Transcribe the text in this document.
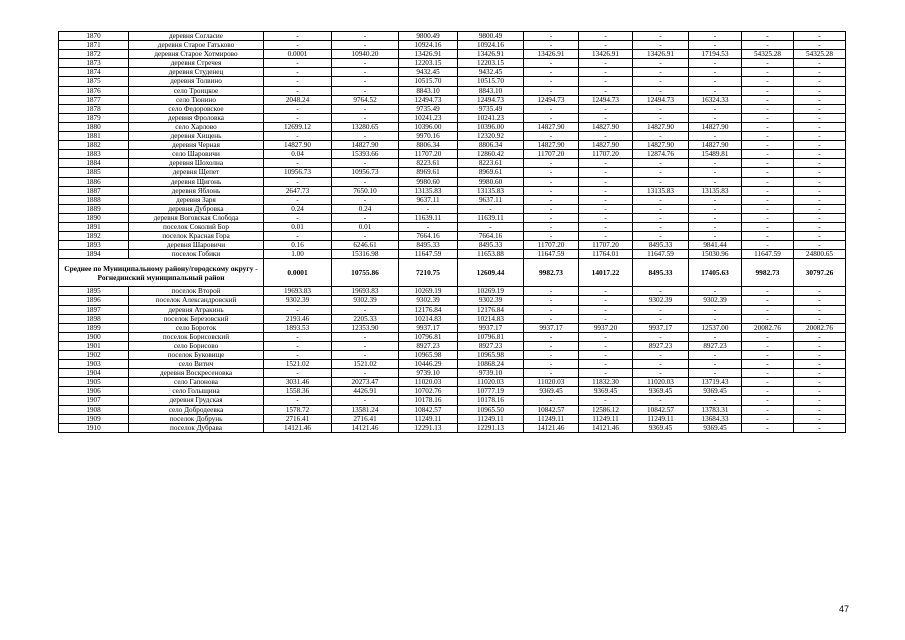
1870	деревня Согласие	-	-	9800.49	9800.49	-	-	-	-	-	-
1871	деревня Старое Гатьково	-	-	10924.16	10924.16	-	-	-	-	-	-
1872	деревня Старое Хотмирово	0.0001	10940.20	13426.91	13426.91	13426.91	13426.91	13426.91	17194.53	54325.28	54325.28
1873	деревня Стречея	-	-	12203.15	12203.15	-	-	-	-	-	-
1874	деревня Студенец	-	-	9432.45	9432.45	-	-	-	-	-	-
1875	деревня Толвино	-	-	10515.70	10515.70	-	-	-	-	-	-
1876	село Троицкое	-	-	8843.10	8843.10	-	-	-	-	-	-
1877	село Тюнино	2048.24	9764.52	12494.73	12494.73	12494.73	12494.73	12494.73	16324.33	-	-
1878	село Федоровское	-	-	9735.49	9735.49	-	-	-	-	-	-
1879	деревня Фроловка	-	-	10241.23	10241.23	-	-	-	-	-	-
1880	село Харлово	12699.12	13280.65	10396.00	10396.00	14827.90	14827.90	14827.90	14827.90	-	-
1881	деревня Хищень	-	-	9970.16	12320.92	-	-	-	-	-	-
1882	деревня Черная	14827.90	14827.90	8806.34	8806.34	14827.90	14827.90	14827.90	14827.90	-	-
1883	село Шаровичи	0.04	15393.66	11707.20	12860.42	11707.20	11707.20	12874.76	15489.81	-	-
1884	деревня Шохолна	-	-	8223.61	8223.61	-	-	-	-	-	-
1885	деревня Щепет	10956.73	10956.73	8969.61	8969.61	-	-	-	-	-	-
1886	деревня Щигонь	-	-	9980.60	9980.60	-	-	-	-	-	-
1887	деревня Яблонь	2647.73	7650.10	13135.83	13135.83	-	-	13135.83	13135.83	-	-
1888	деревня Заря	-	-	9637.11	9637.11	-	-	-	-	-	-
1889	деревня Дубровка	0.24	0.24	-	-	-	-	-	-	-	-
1890	деревня Воговская Слобода	-	-	11639.11	11639.11	-	-	-	-	-	-
1891	поселок Соколий Бор	0.01	0.01	-	-	-	-	-	-	-	-
1892	поселок Красная Гора	-	-	7664.16	7664.16	-	-	-	-	-	-
1893	деревня Шаровичи	0.16	6246.61	8495.33	8495.33	11707.20	11707.20	8495.33	9841.44	-	-
1894	поселок Гобики	1.00	15316.98	11647.59	11653.88	11647.59	11764.01	11647.59	15030.96	11647.59	24800.65
Среднее по Муниципальному району/городскому округу - Рогнединский муниципальный район		0.0001	10755.86	7210.75	12609.44	9982.73	14017.22	8495.33	17405.63	9982.73	30797.26
1895	поселок Второй	19693.83	19693.83	10269.19	10269.19	-	-	-	-	-	-
1896	поселок Александровский	9302.39	9302.39	9302.39	9302.39	-	-	9302.39	9302.39	-	-
1897	деревня Атракинь	-	-	12176.84	12176.84	-	-	-	-	-	-
1898	поселок Березовский	2193.46	2205.33	10214.83	10214.83	-	-	-	-	-	-
1899	село Бороток	1893.53	12353.90	9937.17	9937.17	9937.17	9937.20	9937.17	12537.00	20082.76	20082.76
1900	поселок Борисовский	-	-	10796.81	10796.81	-	-	-	-	-	-
1901	село Борисово	-	-	8927.23	8927.23	-	-	8927.23	8927.23	-	-
1902	поселок Буковище	-	-	10965.98	10965.98	-	-	-	-	-	-
1903	село Витич	1521.02	1521.02	10446.29	10868.24	-	-	-	-	-	-
1904	деревня Воскресеновка	-	-	9739.10	9739.10	-	-	-	-	-	-
1905	село Гапонова	3031.46	20273.47	11020.03	11020.03	11020.03	11832.30	11020.03	13719.43	-	-
1906	село Голыщина	1558.36	4426.91	10702.76	10777.19	9369.45	9369.45	9369.45	9369.45	-	-
1907	деревня Грудская	-	-	10178.16	10178.16	-	-	-	-	-	-
1908	село Добродеевка	1578.72	13581.24	10842.57	10965.50	10842.57	12586.12	10842.57	13783.31	-	-
1909	поселок Добрунь	2716.41	2716.41	11249.11	11249.11	11249.11	11249.11	11249.11	13684.33	-	-
1910	поселок Дубрава	14121.46	14121.46	12291.13	12291.13	14121.46	14121.46	9369.45	9369.45	-	-
47
